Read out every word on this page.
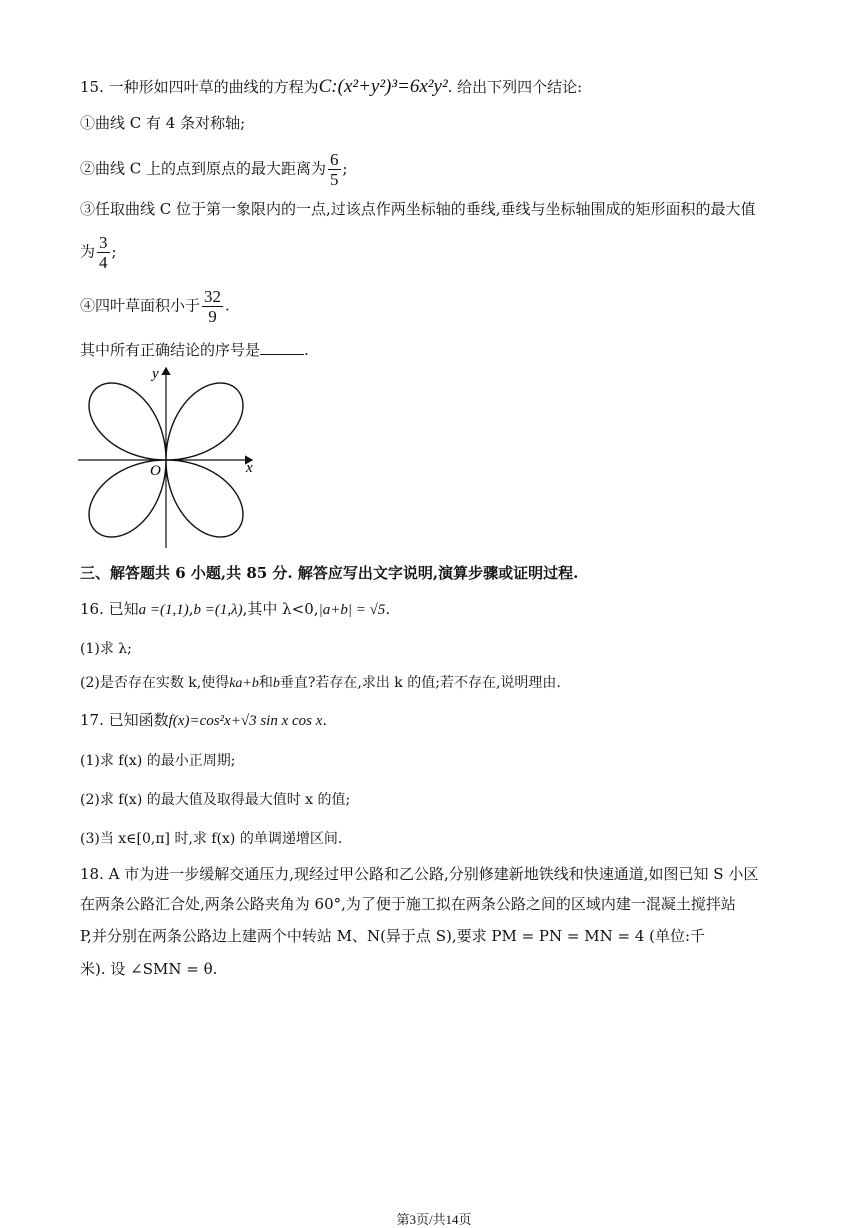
15. 一种形如四叶草的曲线的方程为C:(x²+y²)³=6x²y². 给出下列四个结论:
①曲线 C 有 4 条对称轴;
②曲线 C 上的点到原点的最大距离为 $\frac{6}{5}$ ;
③任取曲线 C 位于第一象限内的一点,过该点作两坐标轴的垂线,垂线与坐标轴围成的矩形面积的最大值
为 $\frac{3}{4}$ ;
④四叶草面积小于 $\frac{32}{9}$ .
其中所有正确结论的序号是	.
x
y
O
三、解答题共 6 小题,共 85 分. 解答应写出文字说明,演算步骤或证明过程.
16. 已知a =(1,1),b =(1,λ),其中 λ<0,|a+b| = √5.
(1)求 λ;
(2)是否存在实数 k,使得ka+b和b垂直?若存在,求出 k 的值;若不存在,说明理由.
17. 已知函数f(x)=cos²x+√3 sin x cos x.
(1)求 f(x) 的最小正周期;
(2)求 f(x) 的最大值及取得最大值时 x 的值;
(3)当 x∈[0,π] 时,求 f(x) 的单调递增区间.
18. A 市为进一步缓解交通压力,现经过甲公路和乙公路,分别修建新地铁线和快速通道,如图已知 S 小区
在两条公路汇合处,两条公路夹角为 60°,为了便于施工拟在两条公路之间的区域内建一混凝土搅拌站
P,并分别在两条公路边上建两个中转站 M、N(异于点 S),要求 PM = PN = MN = 4 (单位:千
米). 设 ∠SMN = θ.
第3页/共14页
